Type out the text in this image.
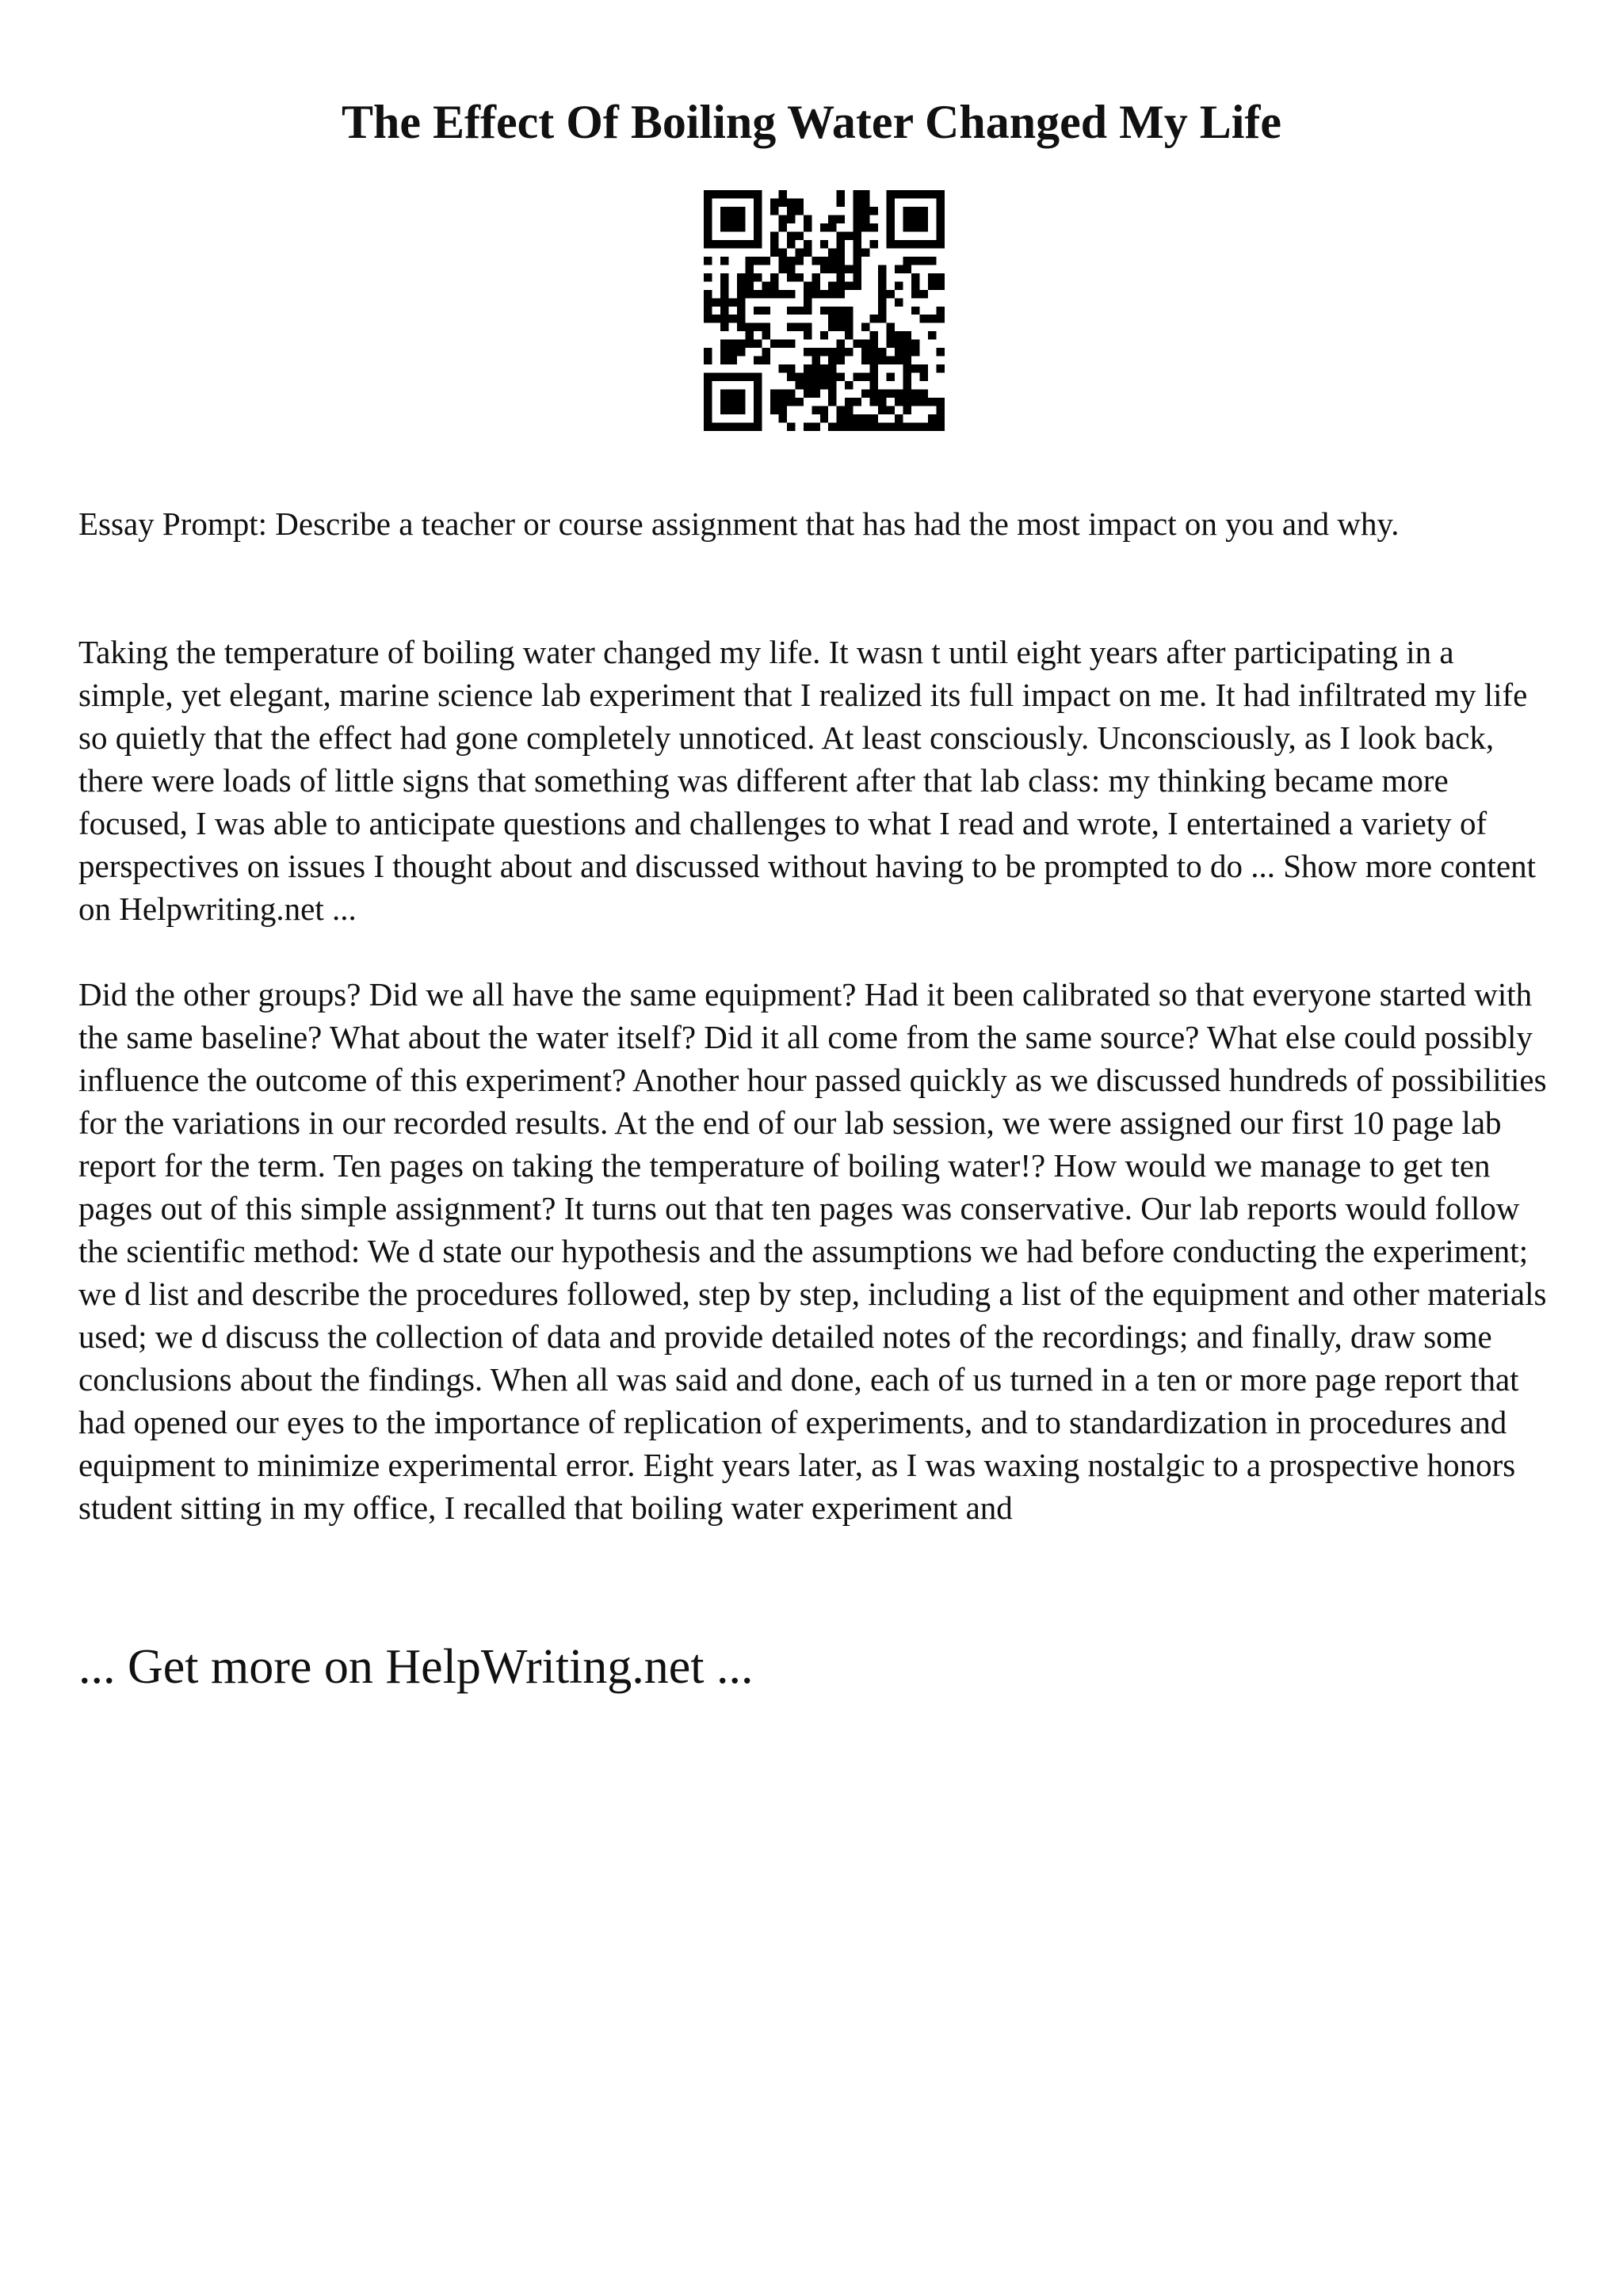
The Effect Of Boiling Water Changed My Life

Essay Prompt: Describe a teacher or course assignment that has had the most impact on you and why.

Taking the temperature of boiling water changed my life. It wasn t until eight years after participating in a simple, yet elegant, marine science lab experiment that I realized its full impact on me. It had infiltrated my life so quietly that the effect had gone completely unnoticed. At least consciously. Unconsciously, as I look back, there were loads of little signs that something was different after that lab class: my thinking became more focused, I was able to anticipate questions and challenges to what I read and wrote, I entertained a variety of perspectives on issues I thought about and discussed without having to be prompted to do ... Show more content on Helpwriting.net ...

Did the other groups? Did we all have the same equipment? Had it been calibrated so that everyone started with the same baseline? What about the water itself? Did it all come from the same source? What else could possibly influence the outcome of this experiment? Another hour passed quickly as we discussed hundreds of possibilities for the variations in our recorded results. At the end of our lab session, we were assigned our first 10 page lab report for the term. Ten pages on taking the temperature of boiling water!? How would we manage to get ten pages out of this simple assignment? It turns out that ten pages was conservative. Our lab reports would follow the scientific method: We d state our hypothesis and the assumptions we had before conducting the experiment; we d list and describe the procedures followed, step by step, including a list of the equipment and other materials used; we d discuss the collection of data and provide detailed notes of the recordings; and finally, draw some conclusions about the findings. When all was said and done, each of us turned in a ten or more page report that had opened our eyes to the importance of replication of experiments, and to standardization in procedures and equipment to minimize experimental error. Eight years later, as I was waxing nostalgic to a prospective honors student sitting in my office, I recalled that boiling water experiment and

... Get more on HelpWriting.net ...
